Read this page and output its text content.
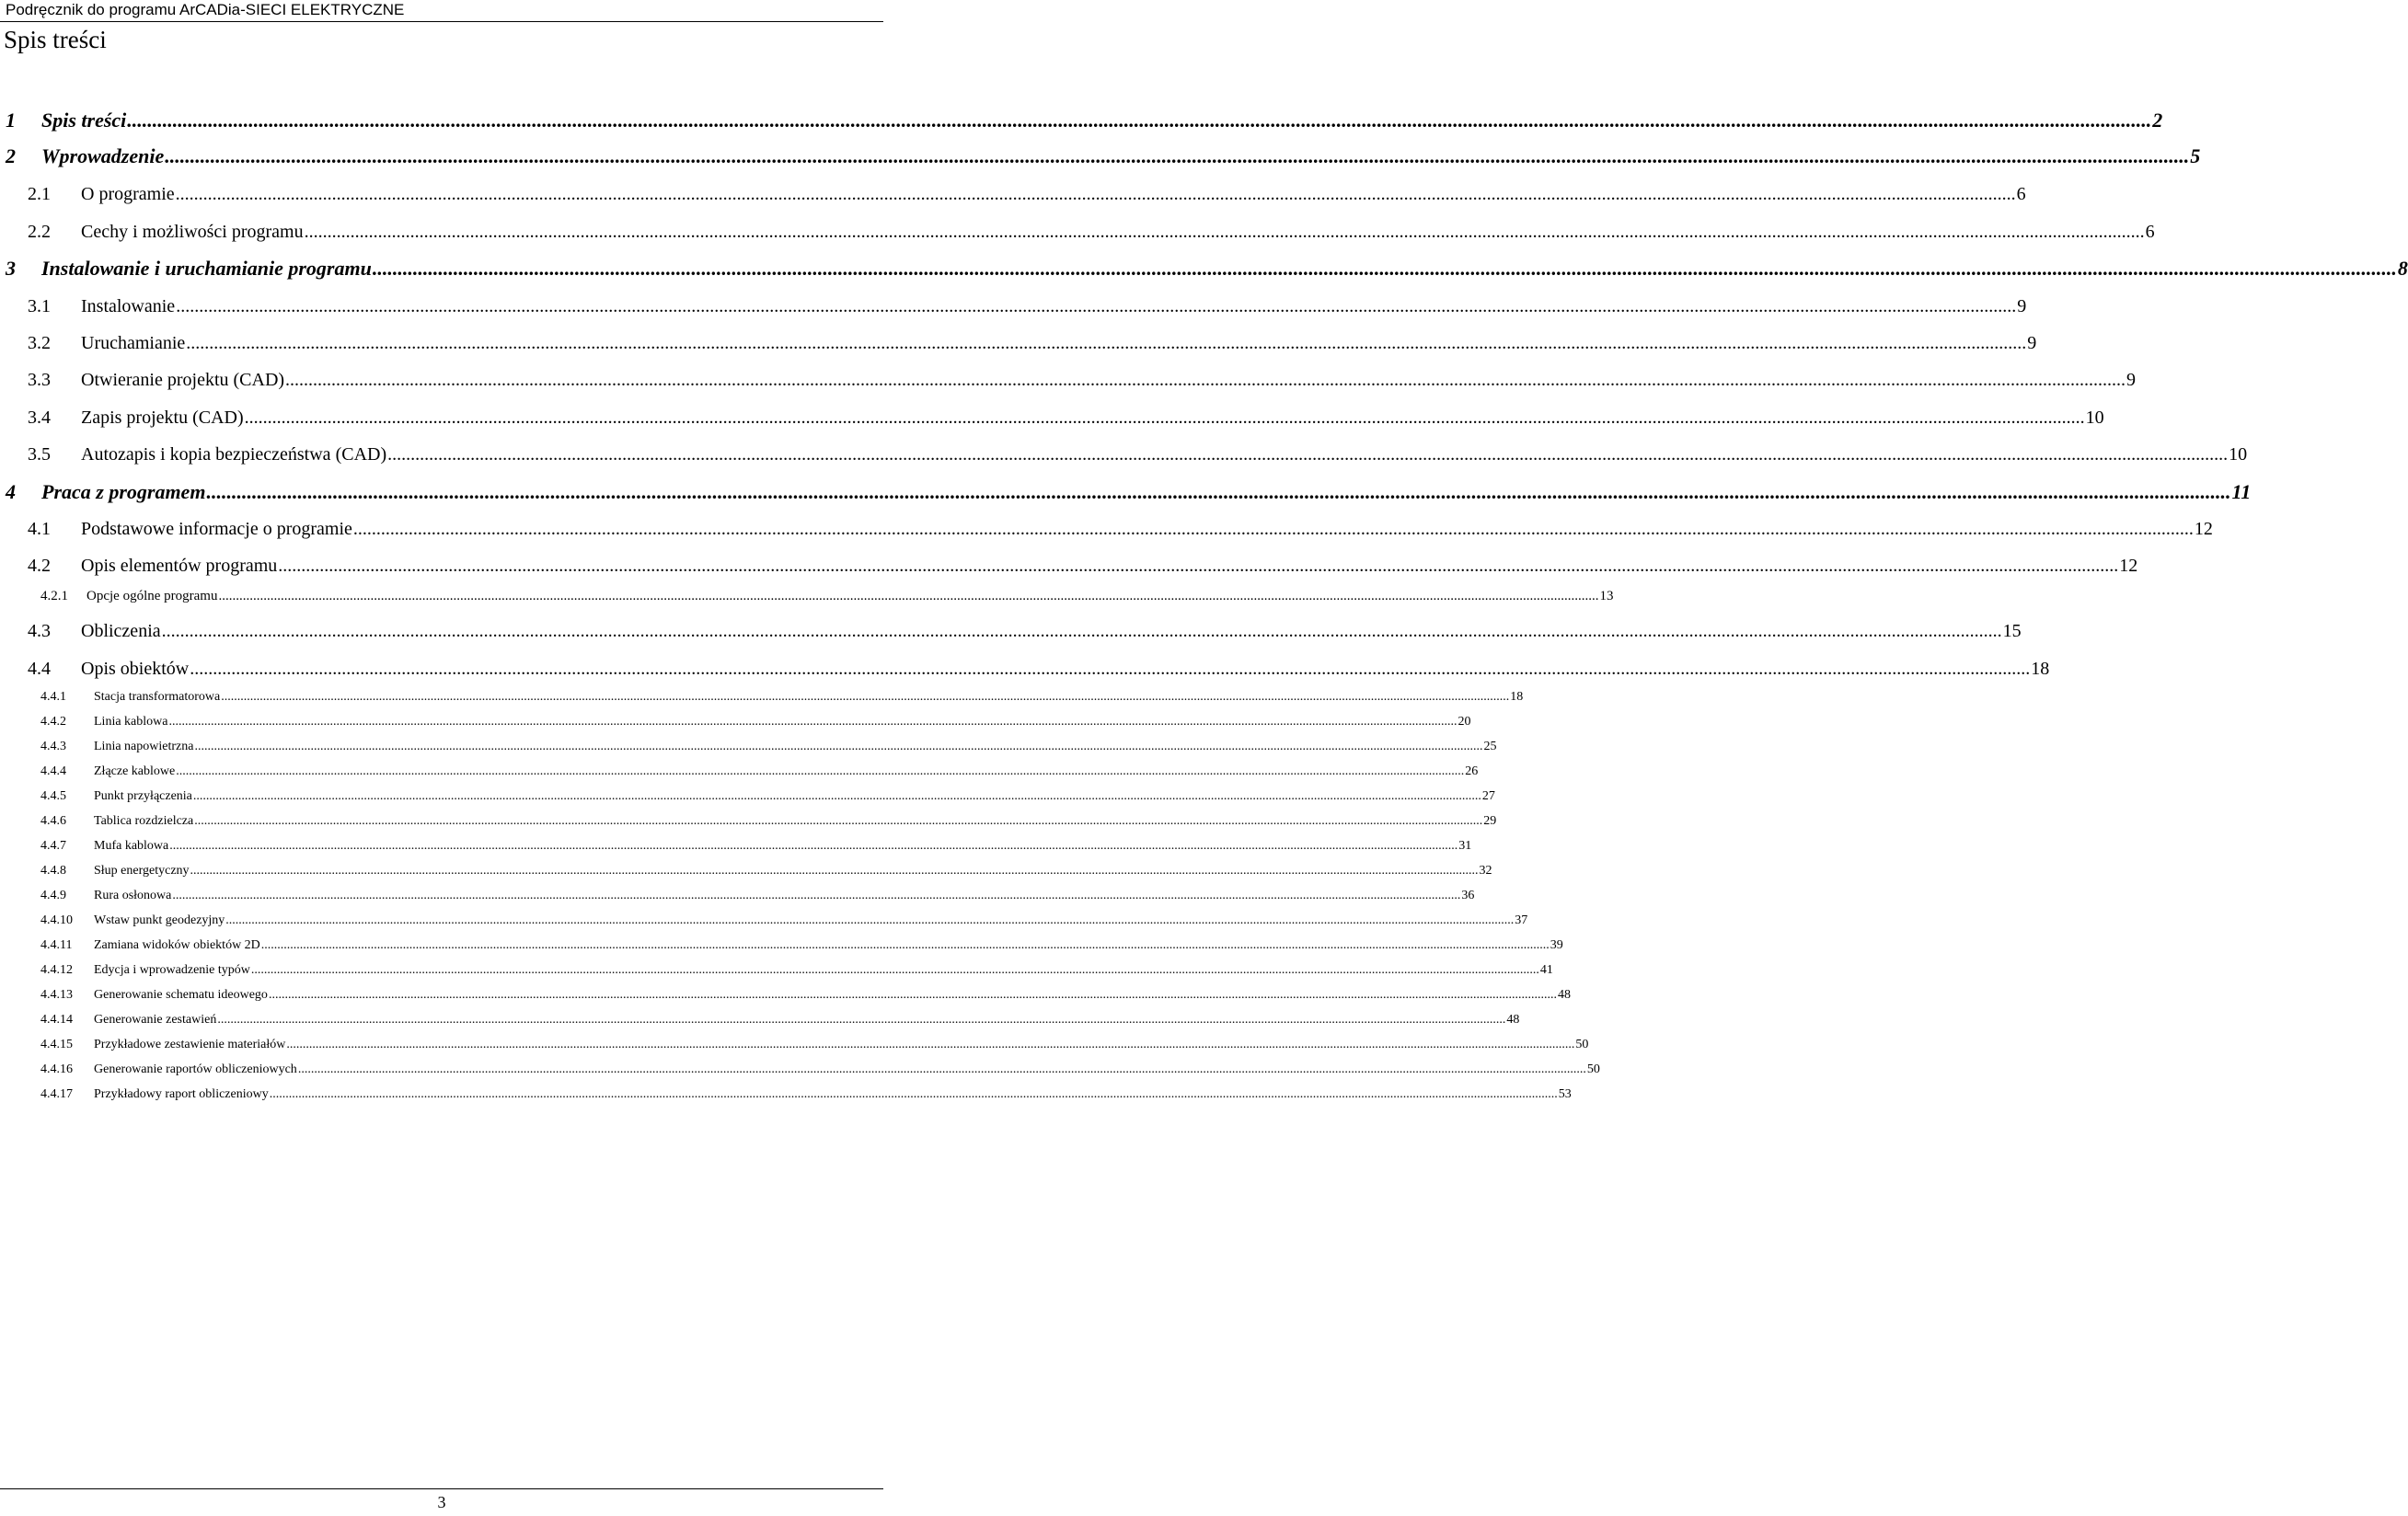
Podręcznik do programu ArCADia-SIECI ELEKTRYCZNE
Spis treści
1	Spis treści ................................................................................................................................................................................................................................................................................................................................................................................................................ 2
2	Wprowadzenie ................................................................................................................................................................................................................................................................................................................................................................................................................ 5
2.1	O programie ................................................................................................................................................................................................................................................................................................................................................................................................................ 6
2.2	Cechy i możliwości programu ................................................................................................................................................................................................................................................................................................................................................................................................................ 6
3	Instalowanie i uruchamianie programu ................................................................................................................................................................................................................................................................................................................................................................................................................ 8
3.1	Instalowanie ................................................................................................................................................................................................................................................................................................................................................................................................................ 9
3.2	Uruchamianie ................................................................................................................................................................................................................................................................................................................................................................................................................ 9
3.3	Otwieranie projektu (CAD) ................................................................................................................................................................................................................................................................................................................................................................................................................ 9
3.4	Zapis projektu (CAD) ................................................................................................................................................................................................................................................................................................................................................................................................................ 10
3.5	Autozapis i kopia bezpieczeństwa (CAD) ................................................................................................................................................................................................................................................................................................................................................................................................................ 10
4	Praca z programem ................................................................................................................................................................................................................................................................................................................................................................................................................ 11
4.1	Podstawowe informacje o programie ................................................................................................................................................................................................................................................................................................................................................................................................................ 12
4.2	Opis elementów programu ................................................................................................................................................................................................................................................................................................................................................................................................................ 12
4.2.1	Opcje ogólne programu ................................................................................................................................................................................................................................................................................................................................................................................................................ 13
4.3	Obliczenia ................................................................................................................................................................................................................................................................................................................................................................................................................ 15
4.4	Opis obiektów ................................................................................................................................................................................................................................................................................................................................................................................................................ 18
4.4.1	Stacja transformatorowa ................................................................................................................................................................................................................................................................................................................................................................................................................ 18
4.4.2	Linia kablowa ................................................................................................................................................................................................................................................................................................................................................................................................................ 20
4.4.3	Linia napowietrzna ................................................................................................................................................................................................................................................................................................................................................................................................................ 25
4.4.4	Złącze kablowe ................................................................................................................................................................................................................................................................................................................................................................................................................ 26
4.4.5	Punkt przyłączenia ................................................................................................................................................................................................................................................................................................................................................................................................................ 27
4.4.6	Tablica rozdzielcza ................................................................................................................................................................................................................................................................................................................................................................................................................ 29
4.4.7	Mufa kablowa ................................................................................................................................................................................................................................................................................................................................................................................................................ 31
4.4.8	Słup energetyczny ................................................................................................................................................................................................................................................................................................................................................................................................................ 32
4.4.9	Rura osłonowa ................................................................................................................................................................................................................................................................................................................................................................................................................ 36
4.4.10	Wstaw punkt geodezyjny ................................................................................................................................................................................................................................................................................................................................................................................................................ 37
4.4.11	Zamiana widoków obiektów 2D ................................................................................................................................................................................................................................................................................................................................................................................................................ 39
4.4.12	Edycja i wprowadzenie typów ................................................................................................................................................................................................................................................................................................................................................................................................................ 41
4.4.13	Generowanie schematu ideowego ................................................................................................................................................................................................................................................................................................................................................................................................................ 48
4.4.14	Generowanie zestawień ................................................................................................................................................................................................................................................................................................................................................................................................................ 48
4.4.15	Przykładowe zestawienie materiałów ................................................................................................................................................................................................................................................................................................................................................................................................................ 50
4.4.16	Generowanie raportów obliczeniowych ................................................................................................................................................................................................................................................................................................................................................................................................................ 50
4.4.17	Przykładowy raport obliczeniowy ................................................................................................................................................................................................................................................................................................................................................................................................................ 53
3
